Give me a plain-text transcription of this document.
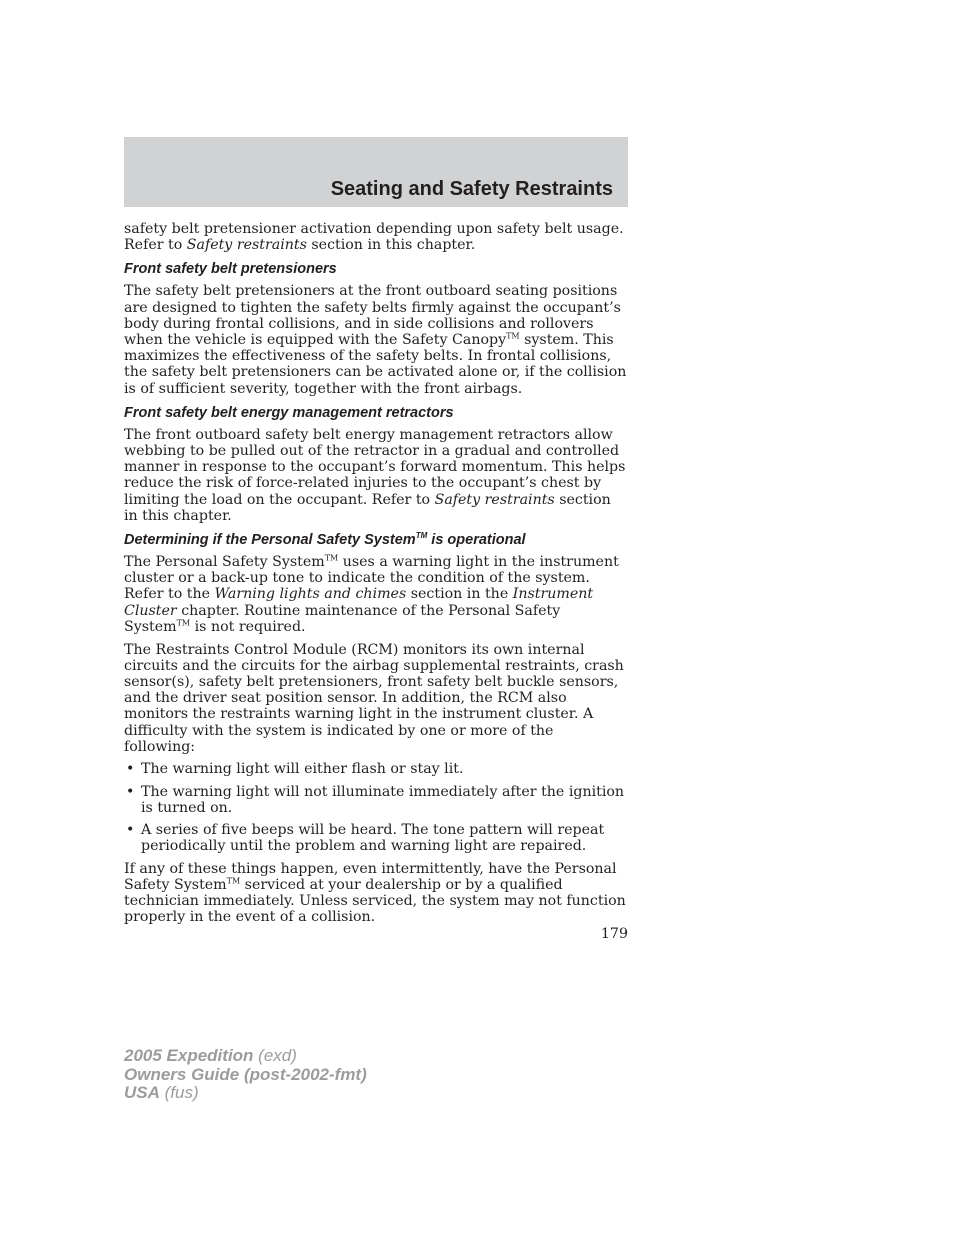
Seating and Safety Restraints

safety belt pretensioner activation depending upon safety belt usage. Refer to Safety restraints section in this chapter.

Front safety belt pretensioners

The safety belt pretensioners at the front outboard seating positions are designed to tighten the safety belts firmly against the occupant’s body during frontal collisions, and in side collisions and rollovers when the vehicle is equipped with the Safety Canopy™ system. This maximizes the effectiveness of the safety belts. In frontal collisions, the safety belt pretensioners can be activated alone or, if the collision is of sufficient severity, together with the front airbags.

Front safety belt energy management retractors

The front outboard safety belt energy management retractors allow webbing to be pulled out of the retractor in a gradual and controlled manner in response to the occupant’s forward momentum. This helps reduce the risk of force-related injuries to the occupant’s chest by limiting the load on the occupant. Refer to Safety restraints section in this chapter.

Determining if the Personal Safety System™ is operational

The Personal Safety System™ uses a warning light in the instrument cluster or a back-up tone to indicate the condition of the system. Refer to the Warning lights and chimes section in the Instrument Cluster chapter. Routine maintenance of the Personal Safety System™ is not required.

The Restraints Control Module (RCM) monitors its own internal circuits and the circuits for the airbag supplemental restraints, crash sensor(s), safety belt pretensioners, front safety belt buckle sensors, and the driver seat position sensor. In addition, the RCM also monitors the restraints warning light in the instrument cluster. A difficulty with the system is indicated by one or more of the following:

• The warning light will either flash or stay lit.
• The warning light will not illuminate immediately after the ignition is turned on.
• A series of five beeps will be heard. The tone pattern will repeat periodically until the problem and warning light are repaired.

If any of these things happen, even intermittently, have the Personal Safety System™ serviced at your dealership or by a qualified technician immediately. Unless serviced, the system may not function properly in the event of a collision.

179
2005 Expedition (exd)
Owners Guide (post-2002-fmt)
USA (fus)
